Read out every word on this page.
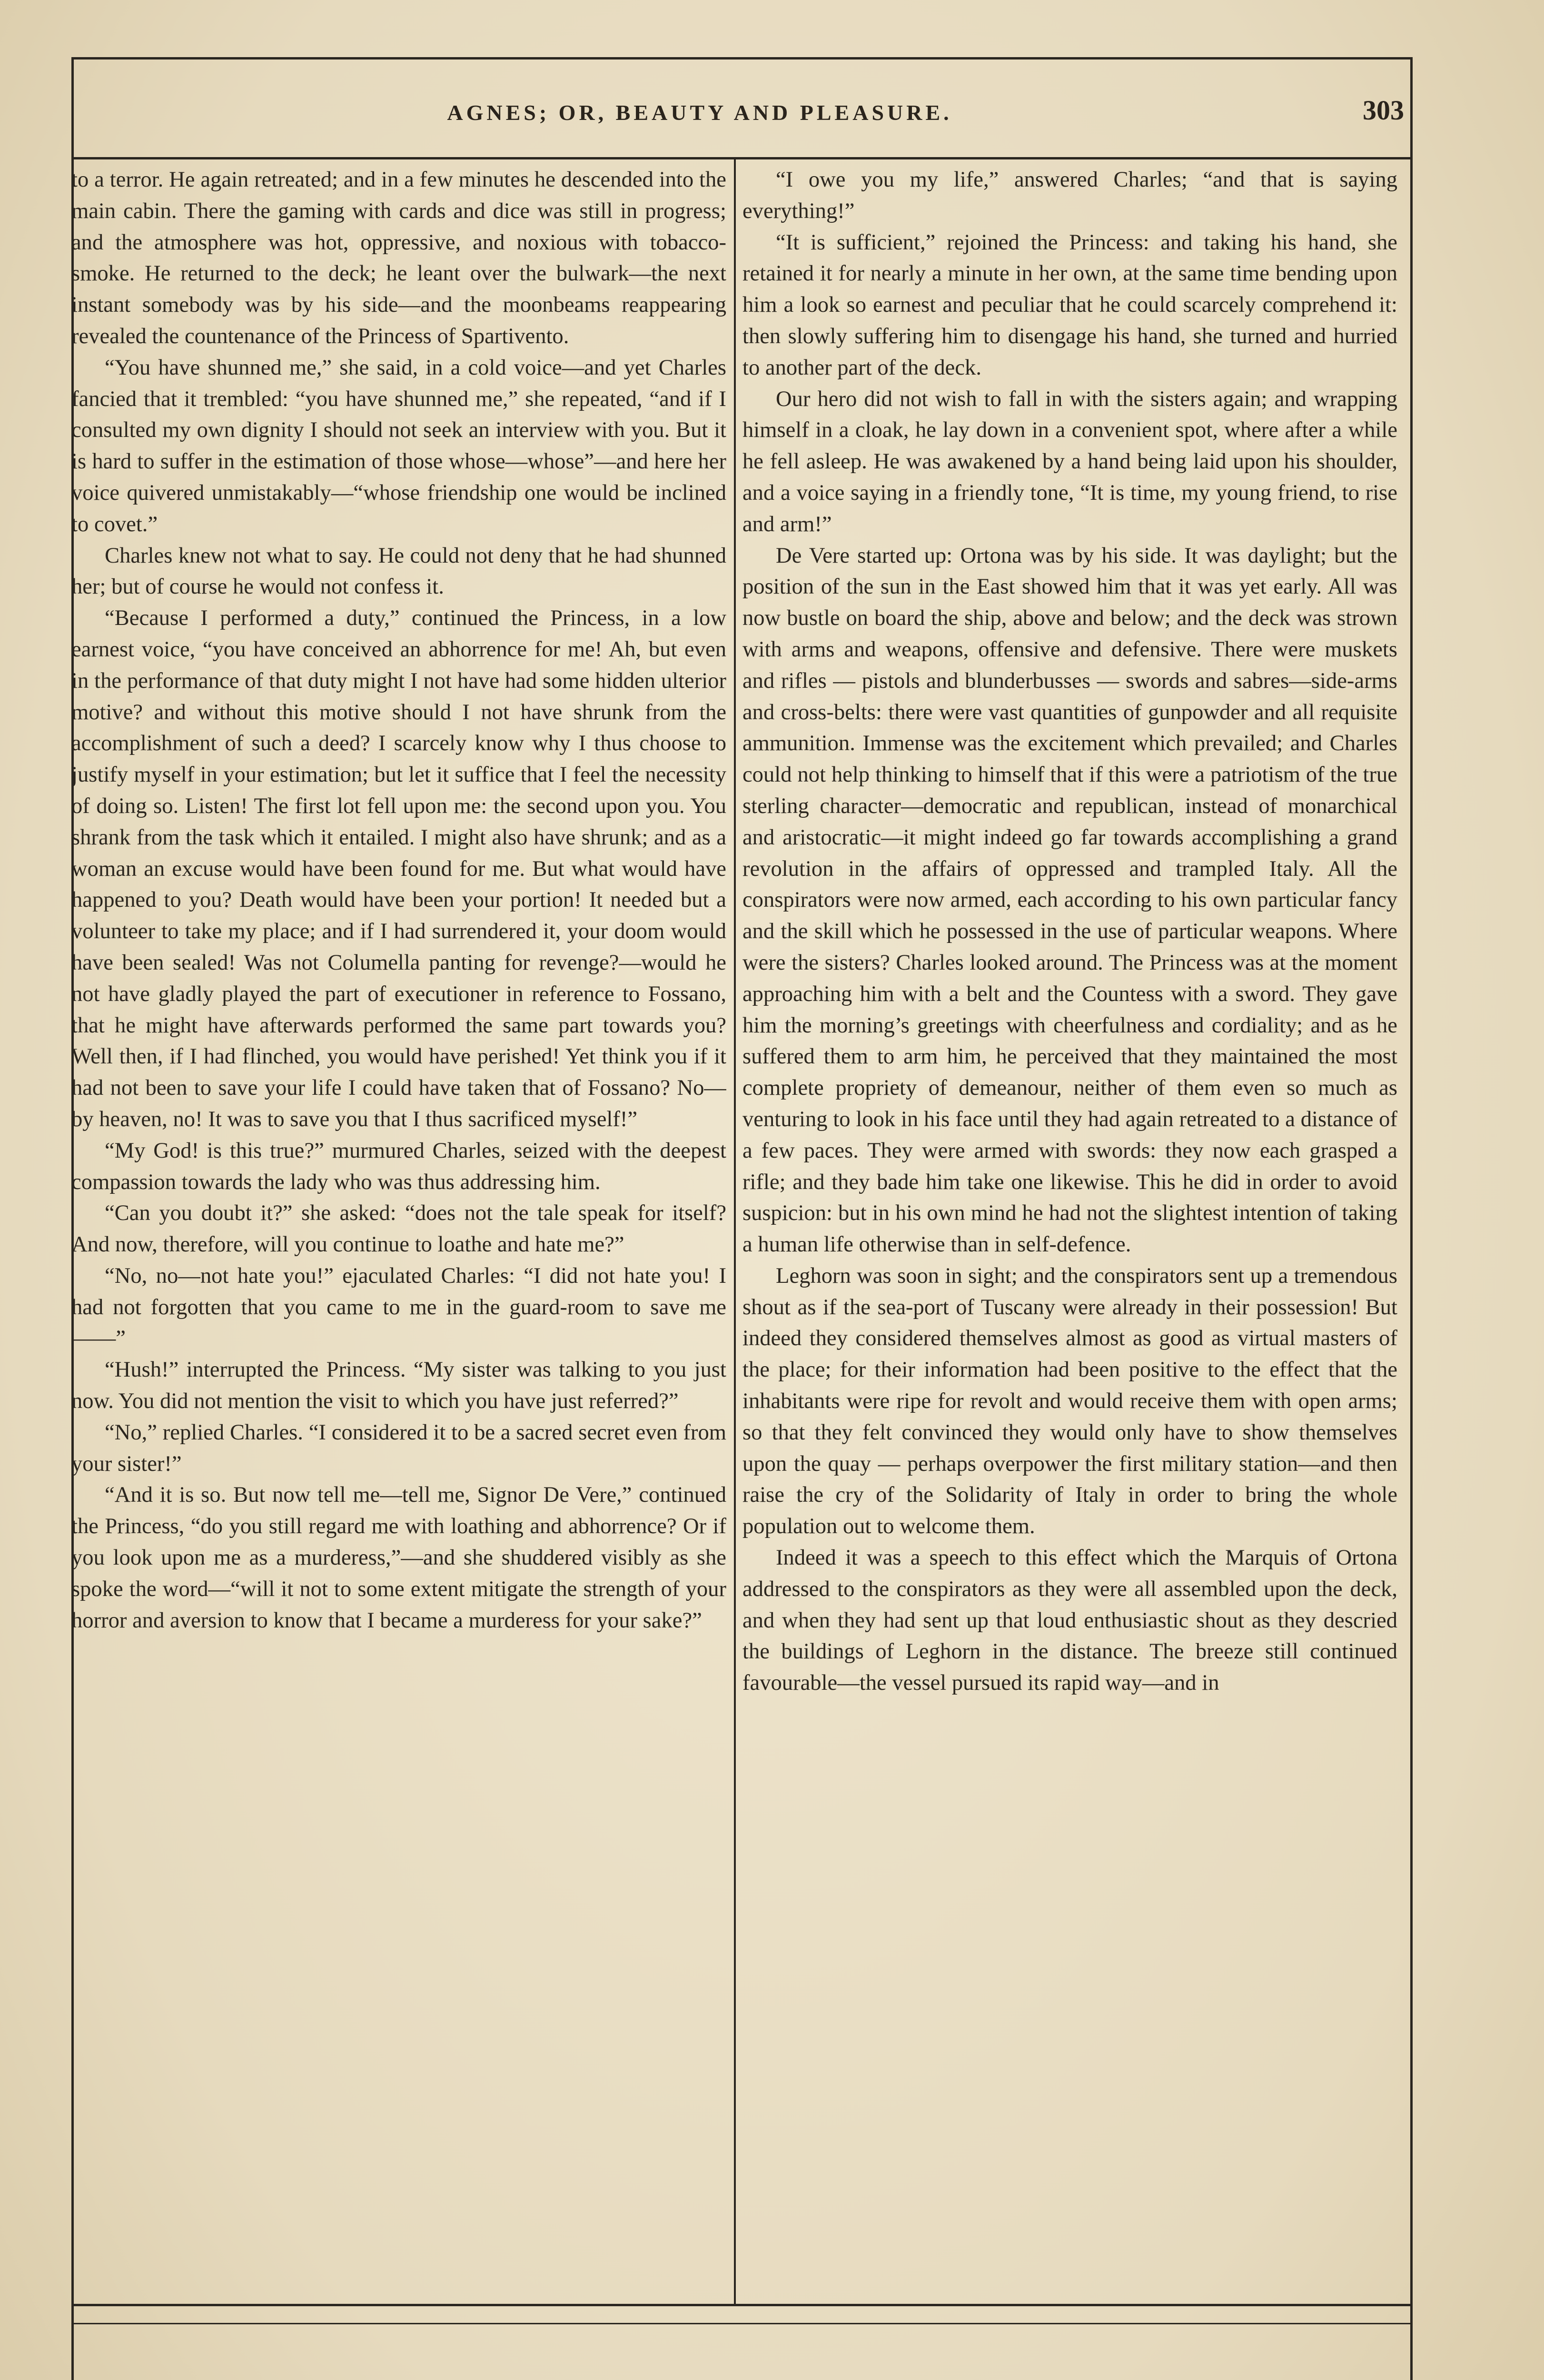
AGNES; OR, BEAUTY AND PLEASURE.	303

to a terror. He again retreated; and in a few minutes he descended into the main cabin. There the gaming with cards and dice was still in progress; and the atmosphere was hot, oppressive, and noxious with tobacco-smoke. He returned to the deck; he leant over the bulwark—the next instant somebody was by his side—and the moonbeams reappearing revealed the countenance of the Princess of Spartivento.

“You have shunned me,” she said, in a cold voice—and yet Charles fancied that it trembled: “you have shunned me,” she repeated, “and if I consulted my own dignity I should not seek an interview with you. But it is hard to suffer in the estimation of those whose—whose”—and here her voice quivered unmistakably—“whose friendship one would be inclined to covet.”

Charles knew not what to say. He could not deny that he had shunned her; but of course he would not confess it.

“Because I performed a duty,” continued the Princess, in a low earnest voice, “you have conceived an abhorrence for me! Ah, but even in the performance of that duty might I not have had some hidden ulterior motive? and without this motive should I not have shrunk from the accomplishment of such a deed? I scarcely know why I thus choose to justify myself in your estimation; but let it suffice that I feel the necessity of doing so. Listen! The first lot fell upon me: the second upon you. You shrank from the task which it entailed. I might also have shrunk; and as a woman an excuse would have been found for me. But what would have happened to you? Death would have been your portion! It needed but a volunteer to take my place; and if I had surrendered it, your doom would have been sealed! Was not Columella panting for revenge?—would he not have gladly played the part of executioner in reference to Fossano, that he might have afterwards performed the same part towards you? Well then, if I had flinched, you would have perished! Yet think you if it had not been to save your life I could have taken that of Fossano? No—by heaven, no! It was to save you that I thus sacrificed myself!”

“My God! is this true?” murmured Charles, seized with the deepest compassion towards the lady who was thus addressing him.

“Can you doubt it?” she asked: “does not the tale speak for itself? And now, therefore, will you continue to loathe and hate me?”

“No, no—not hate you!” ejaculated Charles: “I did not hate you! I had not forgotten that you came to me in the guard-room to save me——”

“Hush!” interrupted the Princess. “My sister was talking to you just now. You did not mention the visit to which you have just referred?”

“No,” replied Charles. “I considered it to be a sacred secret even from your sister!”

“And it is so. But now tell me—tell me, Signor De Vere,” continued the Princess, “do you still regard me with loathing and abhorrence? Or if you look upon me as a murderess,”—and she shuddered visibly as she spoke the word—“will it not to some extent mitigate the strength of your horror and aversion to know that I became a murderess for your sake?”

“I owe you my life,” answered Charles; “and that is saying everything!”

“It is sufficient,” rejoined the Princess: and taking his hand, she retained it for nearly a minute in her own, at the same time bending upon him a look so earnest and peculiar that he could scarcely comprehend it: then slowly suffering him to disengage his hand, she turned and hurried to another part of the deck.

Our hero did not wish to fall in with the sisters again; and wrapping himself in a cloak, he lay down in a convenient spot, where after a while he fell asleep. He was awakened by a hand being laid upon his shoulder, and a voice saying in a friendly tone, “It is time, my young friend, to rise and arm!”

De Vere started up: Ortona was by his side. It was daylight; but the position of the sun in the East showed him that it was yet early. All was now bustle on board the ship, above and below; and the deck was strown with arms and weapons, offensive and defensive. There were muskets and rifles — pistols and blunderbusses — swords and sabres—side-arms and cross-belts: there were vast quantities of gunpowder and all requisite ammunition. Immense was the excitement which prevailed; and Charles could not help thinking to himself that if this were a patriotism of the true sterling character—democratic and republican, instead of monarchical and aristocratic—it might indeed go far towards accomplishing a grand revolution in the affairs of oppressed and trampled Italy. All the conspirators were now armed, each according to his own particular fancy and the skill which he possessed in the use of particular weapons. Where were the sisters? Charles looked around. The Princess was at the moment approaching him with a belt and the Countess with a sword. They gave him the morning’s greetings with cheerfulness and cordiality; and as he suffered them to arm him, he perceived that they maintained the most complete propriety of demeanour, neither of them even so much as venturing to look in his face until they had again retreated to a distance of a few paces. They were armed with swords: they now each grasped a rifle; and they bade him take one likewise. This he did in order to avoid suspicion: but in his own mind he had not the slightest intention of taking a human life otherwise than in self-defence.

Leghorn was soon in sight; and the conspirators sent up a tremendous shout as if the sea-port of Tuscany were already in their possession! But indeed they considered themselves almost as good as virtual masters of the place; for their information had been positive to the effect that the inhabitants were ripe for revolt and would receive them with open arms; so that they felt convinced they would only have to show themselves upon the quay — perhaps overpower the first military station—and then raise the cry of the Solidarity of Italy in order to bring the whole population out to welcome them.

Indeed it was a speech to this effect which the Marquis of Ortona addressed to the conspirators as they were all assembled upon the deck, and when they had sent up that loud enthusiastic shout as they descried the buildings of Leghorn in the distance. The breeze still continued favourable—the vessel pursued its rapid way—and in
